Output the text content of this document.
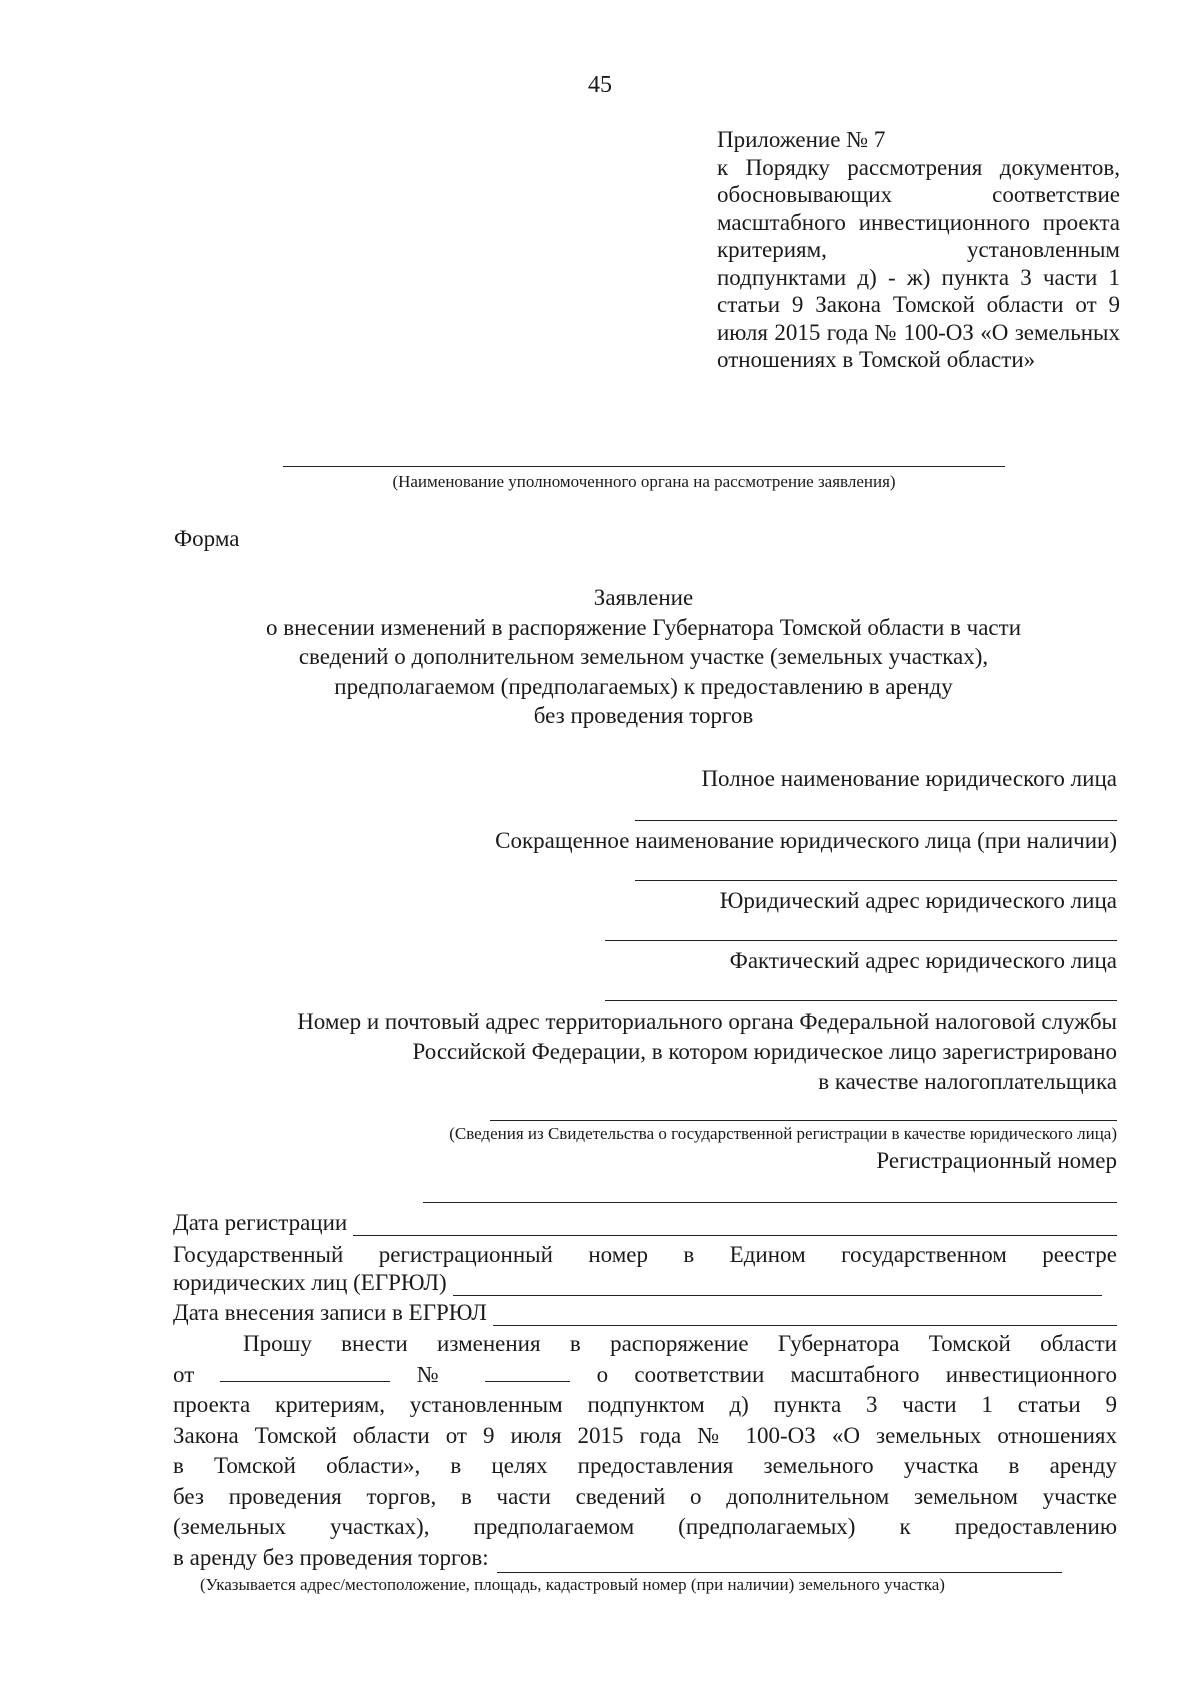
45
Приложение № 7
к Порядку рассмотрения документов, обосновывающих соответствие масштабного инвестиционного проекта критериям, установленным подпунктами д) - ж) пункта 3 части 1 статьи 9 Закона Томской области от 9 июля 2015 года № 100-ОЗ «О земельных отношениях в Томской области»
(Наименование уполномоченного органа на рассмотрение заявления)
Форма
Заявление
о внесении изменений в распоряжение Губернатора Томской области в части
сведений о дополнительном земельном участке (земельных участках),
предполагаемом (предполагаемых) к предоставлению в аренду
без проведения торгов
Полное наименование юридического лица
Сокращенное наименование юридического лица (при наличии)
Юридический адрес юридического лица
Фактический адрес юридического лица
Номер и почтовый адрес территориального органа Федеральной налоговой службы
Российской Федерации, в котором юридическое лицо зарегистрировано
в качестве налогоплательщика
(Сведения из Свидетельства о государственной регистрации в качестве юридического лица)
Регистрационный номер
Дата регистрации
Государственный регистрационный номер в Едином государственном реестре
юридических лиц (ЕГРЮЛ)
Дата внесения записи в ЕГРЮЛ
Прошу внести изменения в распоряжение Губернатора Томской области
от	№	о соответствии масштабного инвестиционного
проекта критериям, установленным подпунктом д) пункта 3 части 1 статьи 9
Закона Томской области от 9 июля 2015 года № 100-ОЗ «О земельных отношениях
в Томской области», в целях предоставления земельного участка в аренду
без проведения торгов, в части сведений о дополнительном земельном участке
(земельных участках), предполагаемом (предполагаемых) к предоставлению
в аренду без проведения торгов:
(Указывается адрес/местоположение, площадь, кадастровый номер (при наличии) земельного участка)
